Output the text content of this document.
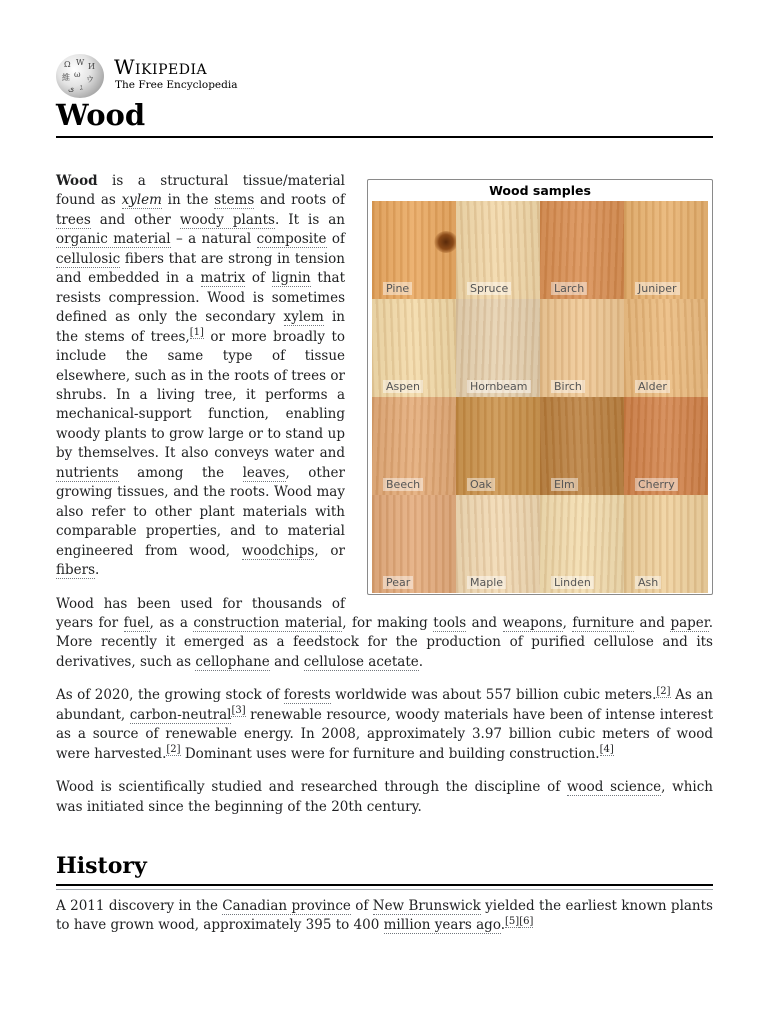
Ω W И
維 ω
ウ
ی ג
Wikipedia
The Free Encyclopedia
Wood
Wood samples
Pine	Spruce	Larch	Juniper
Aspen	Hornbeam Birch	Alder
Beech	Oak	Elm	Cherry
Pear	Maple	Linden	Ash

Wood is a structural tissue/material found as xylem in the stems and roots of trees and other woody plants. It is an organic material – a natural composite of cellulosic fibers that are strong in tension and embedded in a matrix of lignin that resists compression. Wood is sometimes defined as only the secondary xylem in the stems of trees,[1] or more broadly to include the same type of tissue elsewhere, such as in the roots of trees or shrubs. In a living tree, it performs a mechanical-support function, enabling woody plants to grow large or to stand up by themselves. It also conveys water and nutrients among the leaves, other growing tissues, and the roots. Wood may also refer to other plant materials with comparable properties, and to material engineered from wood, woodchips, or fibers.

Wood has been used for thousands of years for fuel, as a construction material, for making tools and weapons, furniture and paper. More recently it emerged as a feedstock for the production of purified cellulose and its derivatives, such as cellophane and cellulose acetate.

As of 2020, the growing stock of forests worldwide was about 557 billion cubic meters.[2] As an abundant, carbon-neutral[3] renewable resource, woody materials have been of intense interest as a source of renewable energy. In 2008, approximately 3.97 billion cubic meters of wood were harvested.[2] Dominant uses were for furniture and building construction.[4]

Wood is scientifically studied and researched through the discipline of wood science, which was initiated since the beginning of the 20th century.

History

A 2011 discovery in the Canadian province of New Brunswick yielded the earliest known plants to have grown wood, approximately 395 to 400 million years ago.[5][6]
